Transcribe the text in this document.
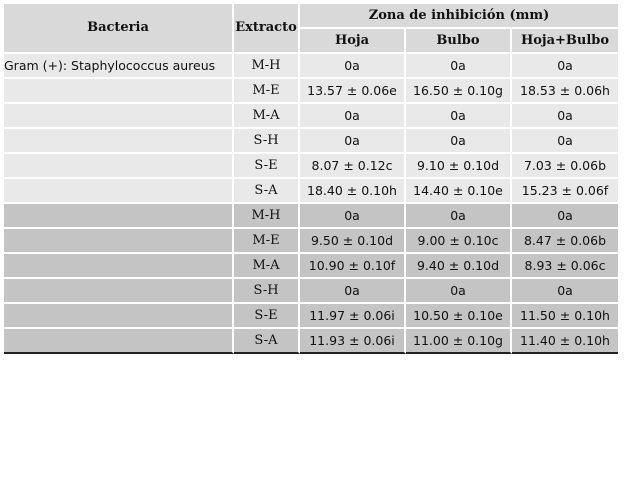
Bacteria	Extracto	Zona de inhibición (mm)		
		Hoja	Bulbo	Hoja+Bulbo
Gram (+): Staphylococcus aureus	M-H	0a	0a	0a
	M-E	13.57 ± 0.06e	16.50 ± 0.10g	18.53 ± 0.06h
	M-A	0a	0a	0a
	S-H	0a	0a	0a
	S-E	8.07 ± 0.12c	9.10 ± 0.10d	7.03 ± 0.06b
	S-A	18.40 ± 0.10h	14.40 ± 0.10e	15.23 ± 0.06f
	M-H	0a	0a	0a
	M-E	9.50 ± 0.10d	9.00 ± 0.10c	8.47 ± 0.06b
	M-A	10.90 ± 0.10f	9.40 ± 0.10d	8.93 ± 0.06c
	S-H	0a	0a	0a
	S-E	11.97 ± 0.06i	10.50 ± 0.10e	11.50 ± 0.10h
	S-A	11.93 ± 0.06i	11.00 ± 0.10g	11.40 ± 0.10h
